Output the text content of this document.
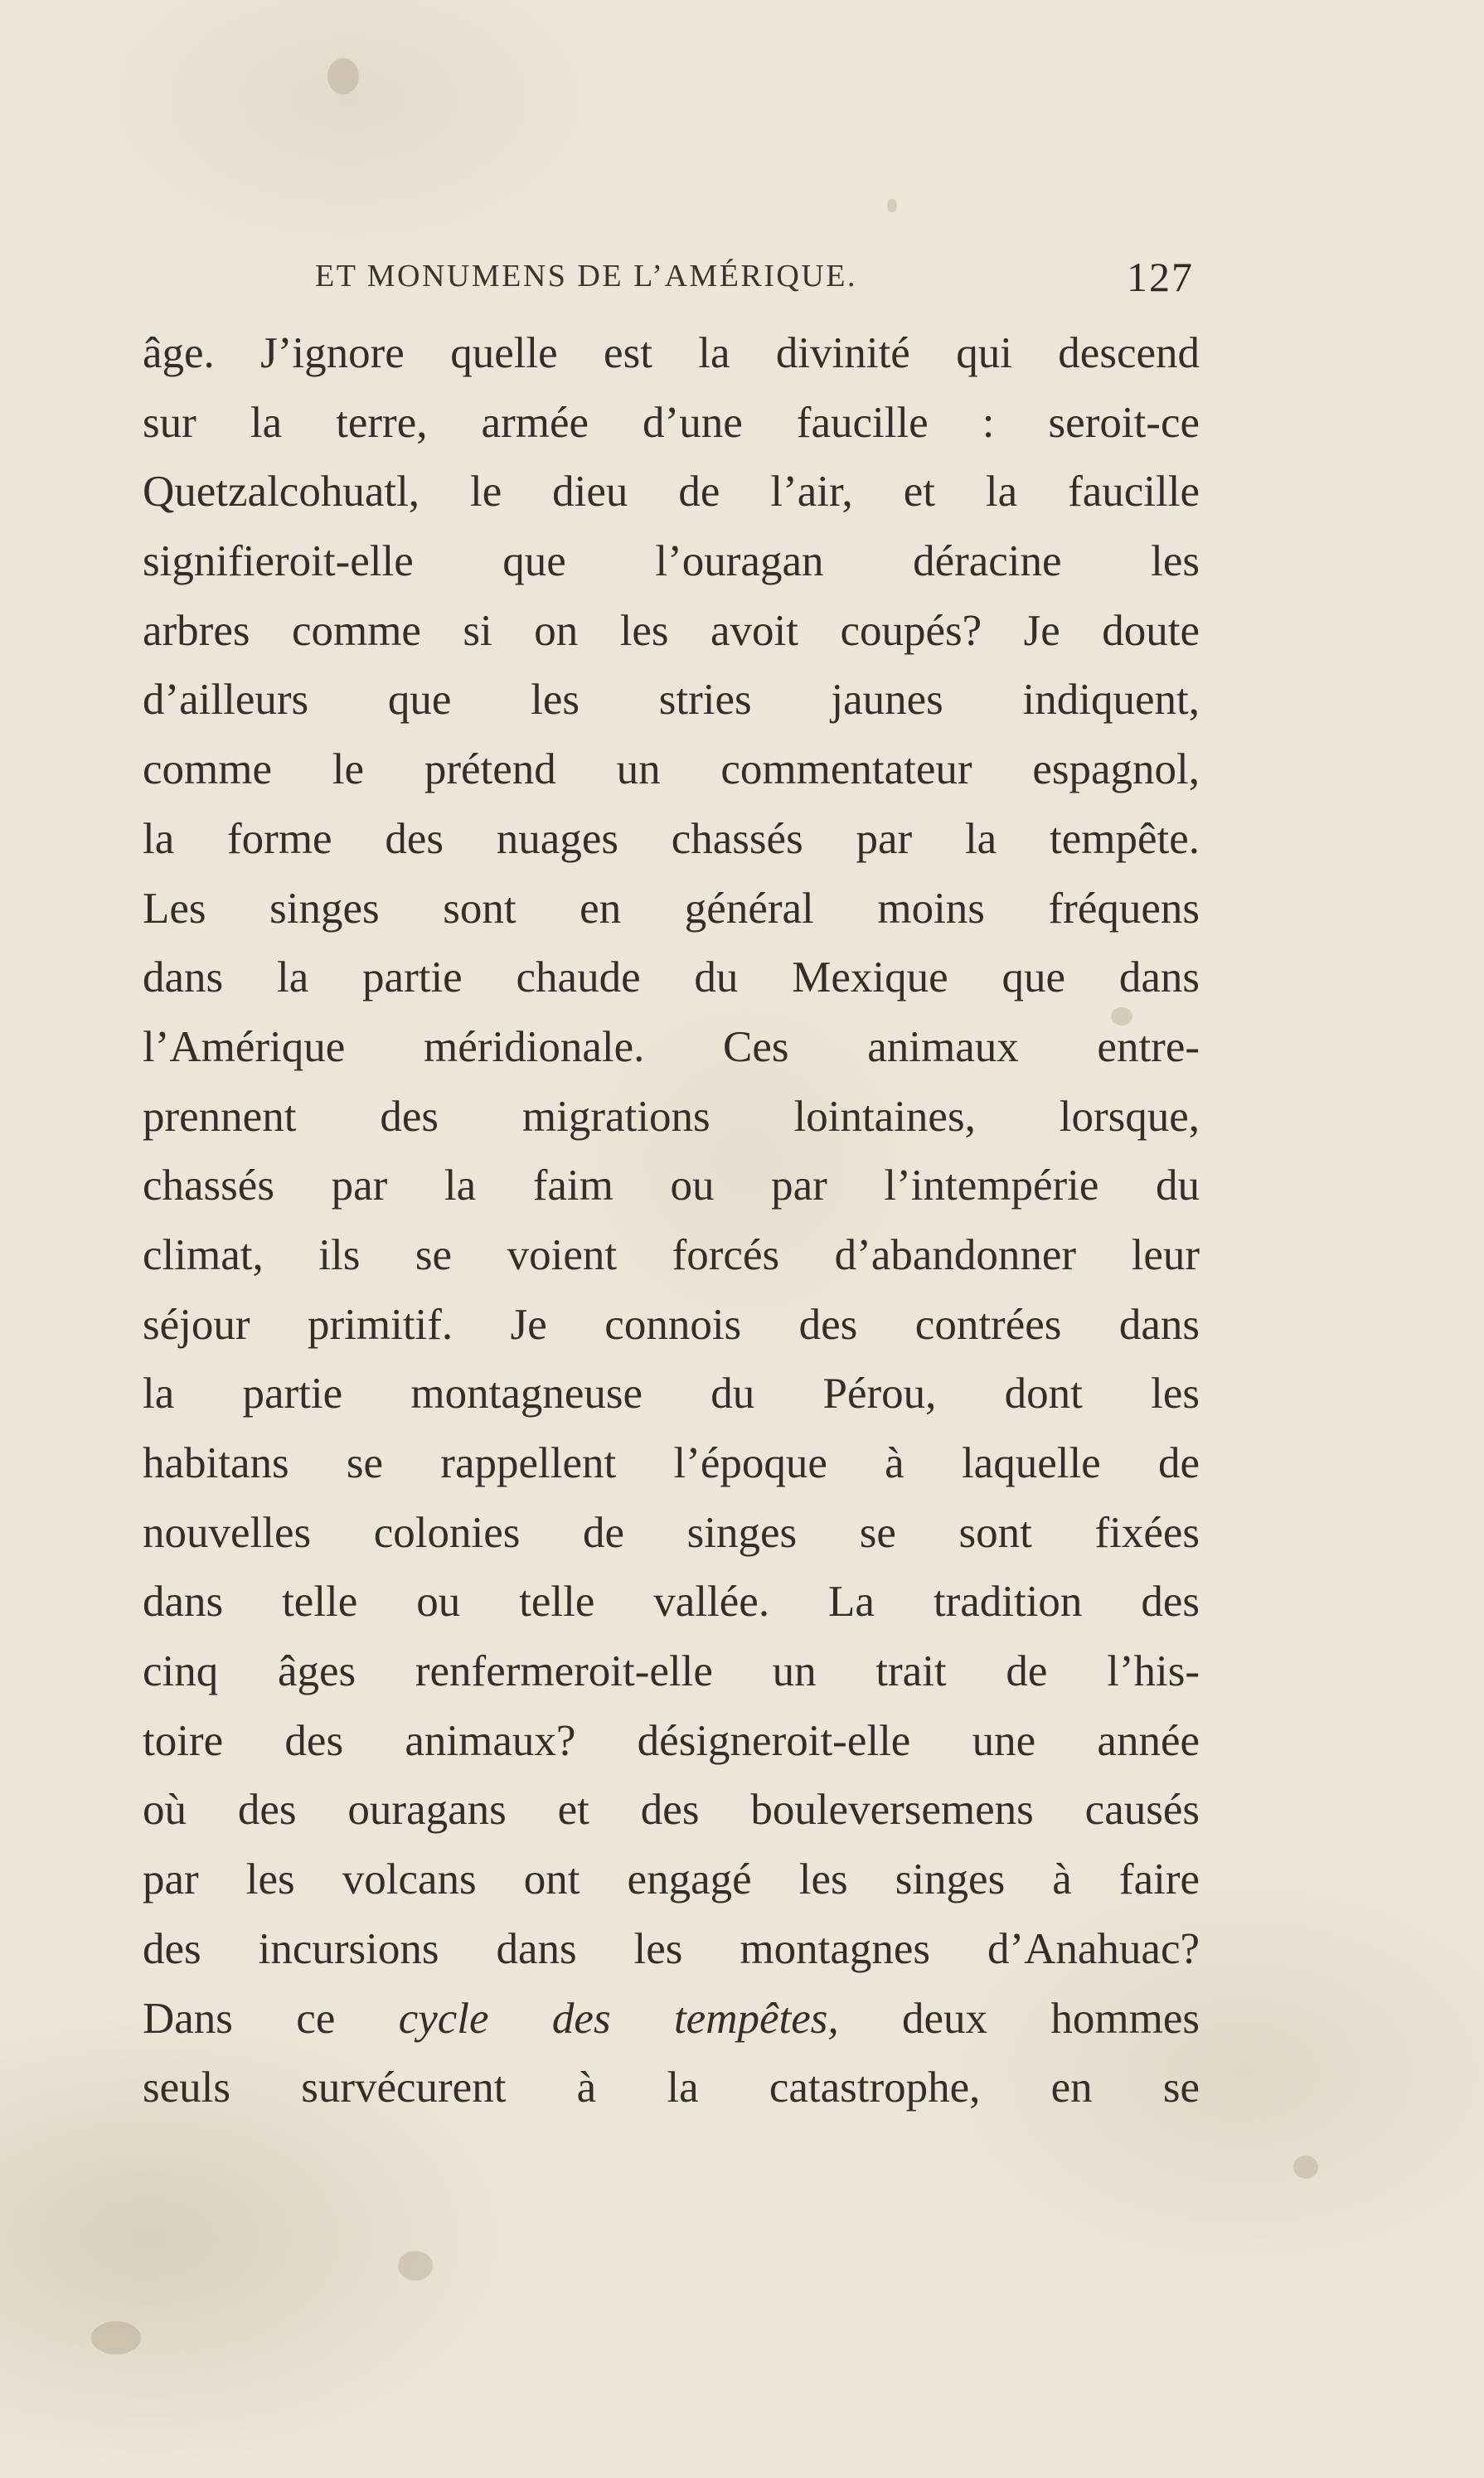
ET MONUMENS DE L’AMÉRIQUE.	127

âge. J’ignore quelle est la divinité qui descend
sur la terre, armée d’une faucille : seroit-ce
Quetzalcohuatl, le dieu de l’air, et la faucille
signifieroit-elle que l’ouragan déracine les
arbres comme si on les avoit coupés? Je doute
d’ailleurs que les stries jaunes indiquent,
comme le prétend un commentateur espagnol,
la forme des nuages chassés par la tempête.
Les singes sont en général moins fréquens
dans la partie chaude du Mexique que dans
l’Amérique méridionale. Ces animaux entre-
prennent des migrations lointaines, lorsque,
chassés par la faim ou par l’intempérie du
climat, ils se voient forcés d’abandonner leur
séjour primitif. Je connois des contrées dans
la partie montagneuse du Pérou, dont les
habitans se rappellent l’époque à laquelle de
nouvelles colonies de singes se sont fixées
dans telle ou telle vallée. La tradition des
cinq âges renfermeroit-elle un trait de l’his-
toire des animaux? désigneroit-elle une année
où des ouragans et des bouleversemens causés
par les volcans ont engagé les singes à faire
des incursions dans les montagnes d’Anahuac?
Dans ce cycle des tempêtes, deux hommes
seuls survécurent à la catastrophe, en se
